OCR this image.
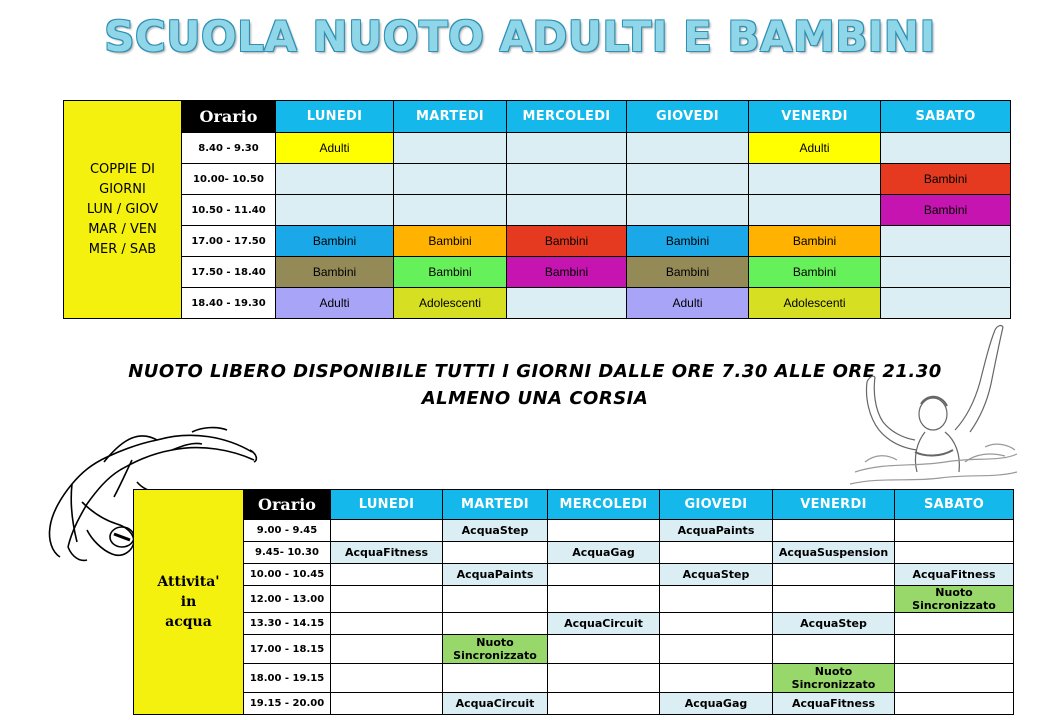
SCUOLA NUOTO ADULTI E BAMBINI
COPPIE DI
GIORNI
LUN / GIOV
MAR / VEN
MER / SAB	Orario	LUNEDI	MARTEDI	MERCOLEDI	GIOVEDI	VENERDI	SABATO
	8.40 - 9.30	Adulti				Adulti	
	10.00- 10.50						Bambini
	10.50 - 11.40						Bambini
	17.00 - 17.50	Bambini	Bambini	Bambini	Bambini	Bambini	
	17.50 - 18.40	Bambini	Bambini	Bambini	Bambini	Bambini	
	18.40 - 19.30	Adulti	Adolescenti		Adulti	Adolescenti	
NUOTO LIBERO DISPONIBILE TUTTI I GIORNI DALLE ORE 7.30 ALLE ORE 21.30
ALMENO UNA CORSIA
Attivita'
in
acqua	Orario	LUNEDI	MARTEDI	MERCOLEDI	GIOVEDI	VENERDI	SABATO
	9.00 - 9.45		AcquaStep		AcquaPaints		
	9.45- 10.30	AcquaFitness		AcquaGag		AcquaSuspension	
	10.00 - 10.45		AcquaPaints		AcquaStep		AcquaFitness
	12.00 - 13.00						Nuoto Sincronizzato
	13.30 - 14.15			AcquaCircuit		AcquaStep	
	17.00 - 18.15		Nuoto Sincronizzato				
	18.00 - 19.15					Nuoto Sincronizzato	
	19.15 - 20.00		AcquaCircuit		AcquaGag	AcquaFitness	
